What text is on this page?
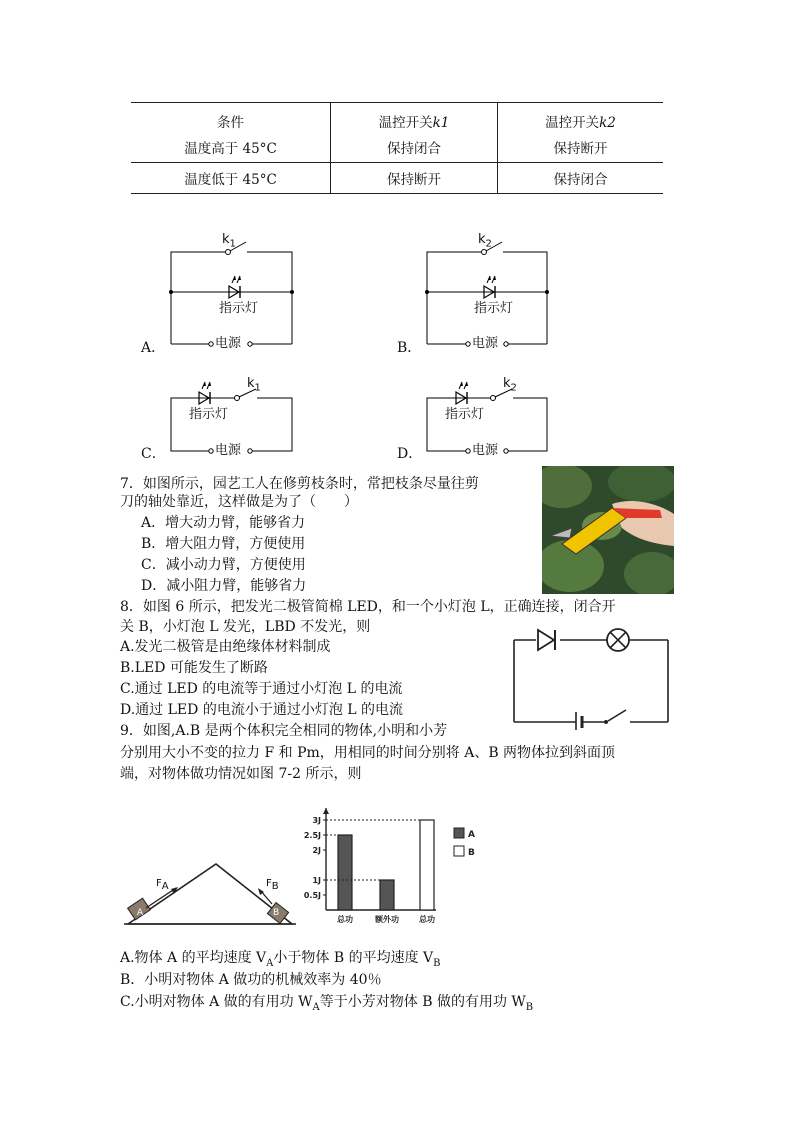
条件	温控开关k1	温控开关k2
温度高于 45°C	保持闭合	保持断开
温度低于 45°C	保持断开	保持闭合
$k_1$
指示灯
电源
A．
$k_2$
指示灯
电源
B．
$k_1$
指示灯
电源
C．
$k_2$
指示灯
电源
D．
7．如图所示，园艺工人在修剪枝条时，常把枝条尽量往剪
刀的轴处靠近，这样做是为了（　　）
A．增大动力臂，能够省力
B．增大阻力臂，方便使用
C．减小动力臂，方便使用
D．减小阻力臂，能够省力
8．如图 6 所示，把发光二极管简棉 LED，和一个小灯泡 L，正确连接，闭合开
关 B，小灯泡 L 发光，LBD 不发光，则
A.发光二极管是由绝缘体材料制成
B.LED 可能发生了断路
C.通过 LED 的电流等于通过小灯泡 L 的电流
D.通过 LED 的电流小于通过小灯泡 L 的电流
9．如图,A.B 是两个体积完全相同的物体,小明和小芳
分别用大小不变的拉力 F 和 Pm，用相同的时间分别将 A、B 两物体拉到斜面顶
端，对物体做功情况如图 7-2 所示，则
$F_A$	$F_B$
A	B
3J
2.5J
2J
1J
0.5J
总功	额外功	总功
A
B
A.物体 A 的平均速度 $V_A$小于物体 B 的平均速度 $V_B$
B．小明对物体 A 做功的机械效率为 40％
C.小明对物体 A 做的有用功 $W_A$等于小芳对物体 B 做的有用功 $W_B$
